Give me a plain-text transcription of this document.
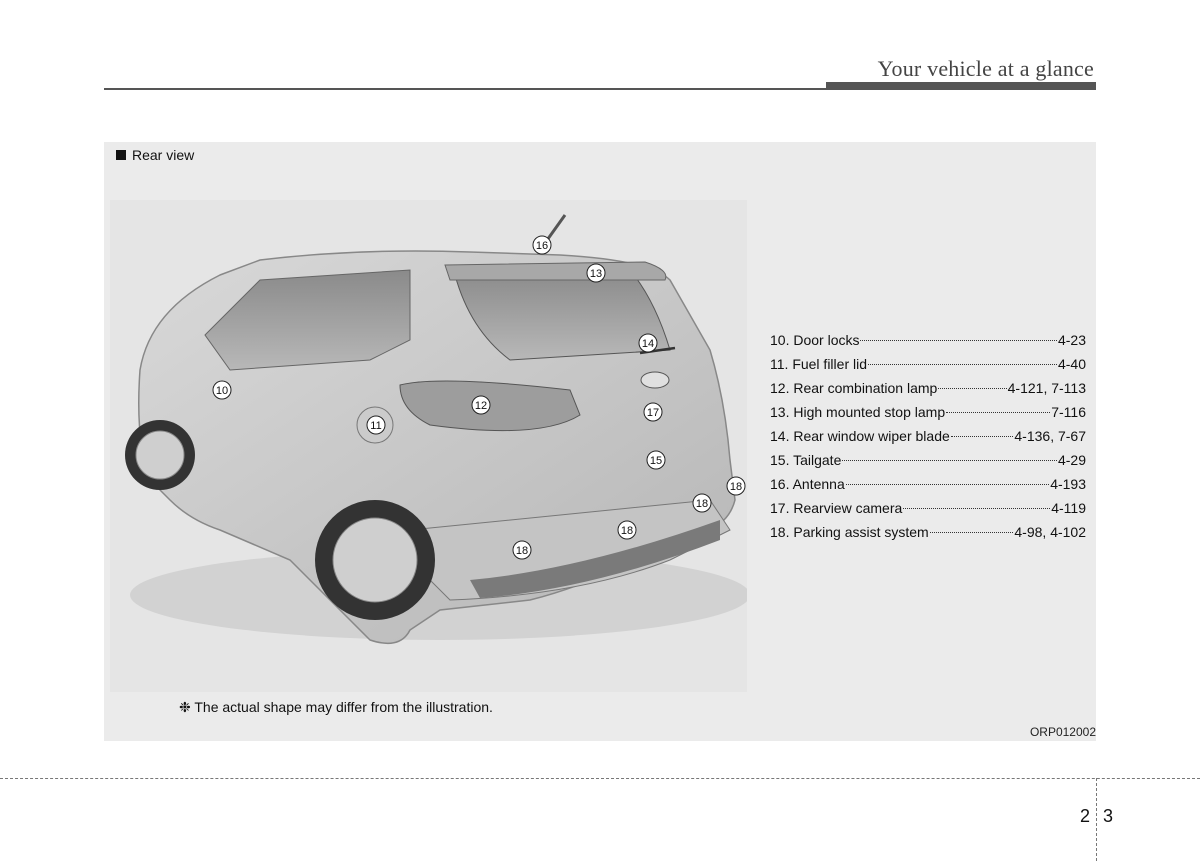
Your vehicle at a glance
Rear view
10
11
12
13
14
15
16
17
18
18
18
18
10. Door locks	4-23
11. Fuel filler lid	4-40
12. Rear combination lamp	4-121, 7-113
13. High mounted stop lamp	7-116
14. Rear window wiper blade	4-136, 7-67
15. Tailgate	4-29
16. Antenna	4-193
17. Rearview camera	4-119
18. Parking assist system	4-98, 4-102
❉ The actual shape may differ from the illustration.
ORP012002
2 3
